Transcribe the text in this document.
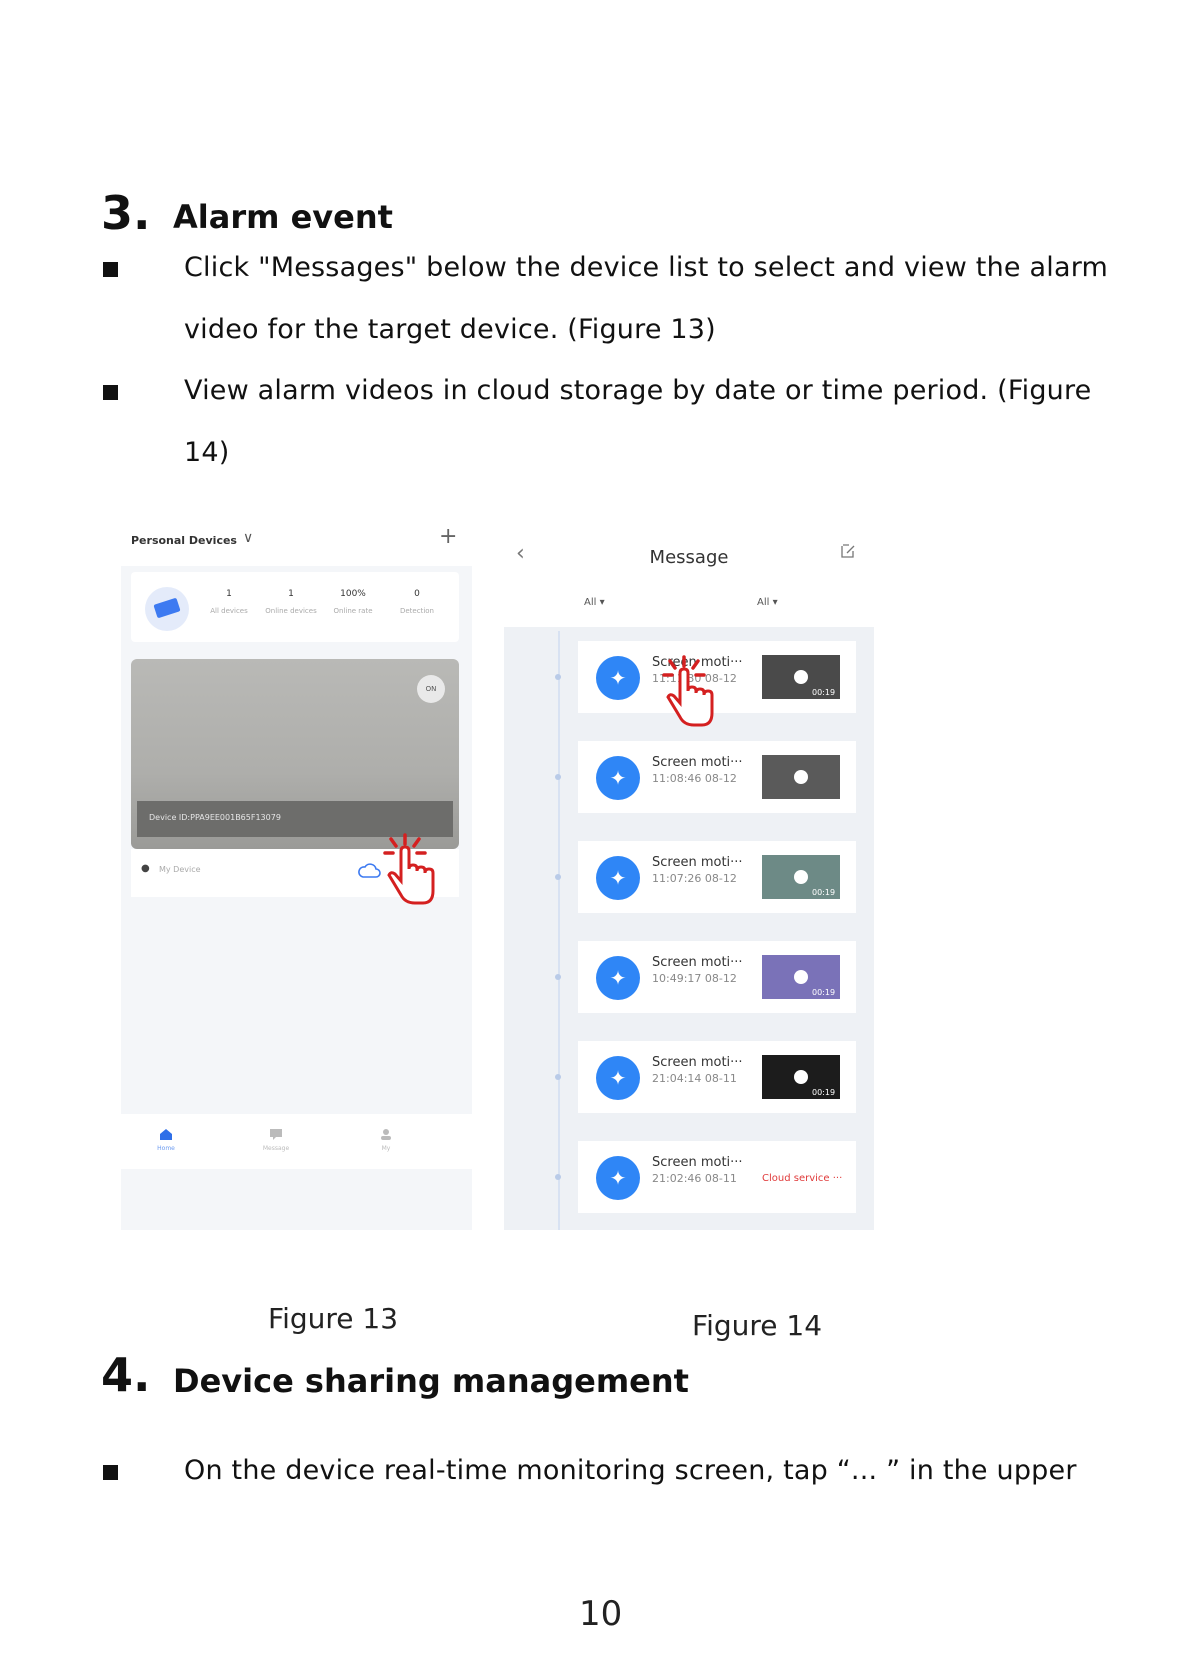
3. Alarm event
Click "Messages" below the device list to select and view the alarm
video for the target device. (Figure 13)
View alarm videos in cloud storage by date or time period. (Figure
14)
Personal Devices ∨	+
1
All devices
1
Online devices
100%
Online rate
0
Detection
ON
Device ID:PPA9EE001B65F13079
● My Device
Home	Message	My
‹	Message
All ▾	All ▾
✦
Screen moti···
11:11:30 08-12
00:19
✦
Screen moti···
11:08:46 08-12
✦
Screen moti···
11:07:26 08-12
00:19
✦
Screen moti···
10:49:17 08-12
00:19
✦
Screen moti···
21:04:14 08-11
00:19
✦
Screen moti···
21:02:46 08-11	Cloud service ···
Figure 13	Figure 14
4. Device sharing management
On the device real-time monitoring screen, tap “... ” in the upper
10
